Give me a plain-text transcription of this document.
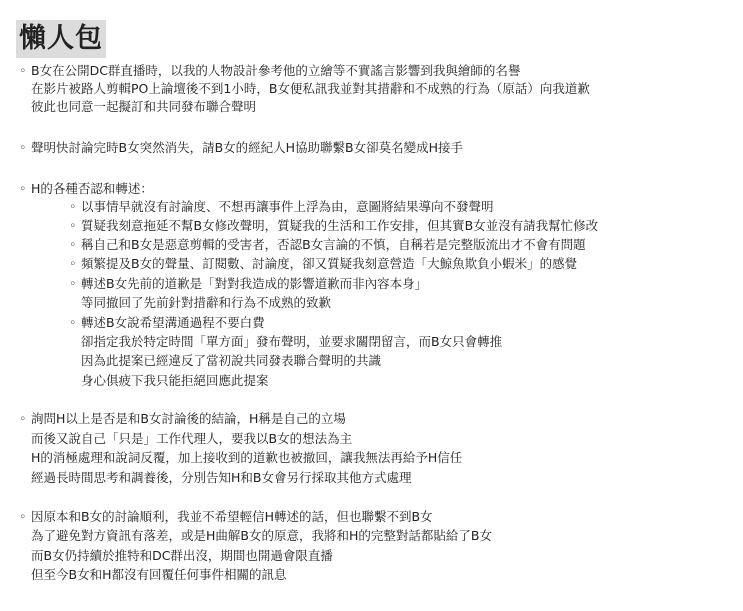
懶人包
◦ B女在公開DC群直播時，以我的人物設計參考他的立繪等不實謠言影響到我與繪師的名譽
在影片被路人剪輯PO上論壇後不到1小時，B女便私訊我並對其措辭和不成熟的行為（原話）向我道歉
彼此也同意一起擬訂和共同發布聯合聲明
◦ 聲明快討論完時B女突然消失，請B女的經紀人H協助聯繫B女卻莫名變成H接手
◦ H的各種否認和轉述：
◦ 以事情早就沒有討論度、不想再讓事件上浮為由，意圖將結果導向不發聲明
◦ 質疑我刻意拖延不幫B女修改聲明，質疑我的生活和工作安排，但其實B女並沒有請我幫忙修改
◦ 稱自己和B女是惡意剪輯的受害者，否認B女言論的不慎，自稱若是完整版流出才不會有問題
◦ 頻繁提及B女的聲量、訂閱數、討論度，卻又質疑我刻意營造「大鯨魚欺負小蝦米」的感覺
◦ 轉述B女先前的道歉是「對對我造成的影響道歉而非內容本身」
等同撤回了先前針對措辭和行為不成熟的致歉
◦ 轉述B女說希望溝通過程不要白費
卻指定我於特定時間「單方面」發布聲明，並要求關閉留言，而B女只會轉推
因為此提案已經違反了當初說共同發表聯合聲明的共識
身心俱疲下我只能拒絕回應此提案
◦ 詢問H以上是否是和B女討論後的結論，H稱是自己的立場
而後又說自己「只是」工作代理人，要我以B女的想法為主
H的消極處理和說詞反覆，加上接收到的道歉也被撤回，讓我無法再給予H信任
經過長時間思考和調養後，分別告知H和B女會另行採取其他方式處理
◦ 因原本和B女的討論順利，我並不希望輕信H轉述的話，但也聯繫不到B女
為了避免對方資訊有落差，或是H曲解B女的原意，我將和H的完整對話都貼給了B女
而B女仍持續於推特和DC群出沒，期間也開過會限直播
但至今B女和H都沒有回覆任何事件相關的訊息
